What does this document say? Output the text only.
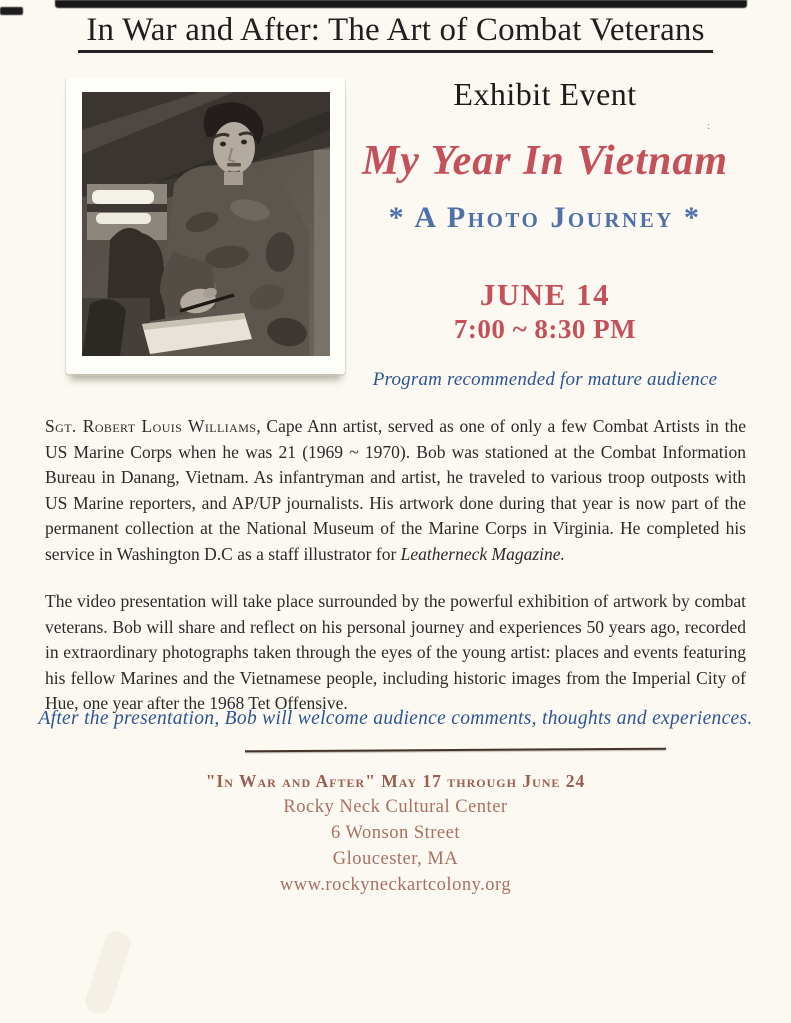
:
In War and After: The Art of Combat Veterans
Exhibit Event
My Year In Vietnam
* A Photo Journey *
JUNE 14
7:00 ~ 8:30 PM
Program recommended for mature audience

Sgt. Robert Louis Williams, Cape Ann artist, served as one of only a few Combat Artists in the US Marine Corps when he was 21 (1969 ~ 1970). Bob was stationed at the Combat Information Bureau in Danang, Vietnam. As infantryman and artist, he traveled to various troop outposts with US Marine reporters, and AP/UP journalists. His artwork done during that year is now part of the permanent collection at the National Museum of the Marine Corps in Virginia. He completed his service in Washington D.C as a staff illustrator for Leatherneck Magazine.

The video presentation will take place surrounded by the powerful exhibition of artwork by combat veterans. Bob will share and reflect on his personal journey and experiences 50 years ago, recorded in extraordinary photographs taken through the eyes of the young artist: places and events featuring his fellow Marines and the Vietnamese people, including historic images from the Imperial City of Hue, one year after the 1968 Tet Offensive.

After the presentation, Bob will welcome audience comments, thoughts and experiences.
"In War and After" May 17 through June 24
Rocky Neck Cultural Center
6 Wonson Street
Gloucester, MA
www.rockyneckartcolony.org
